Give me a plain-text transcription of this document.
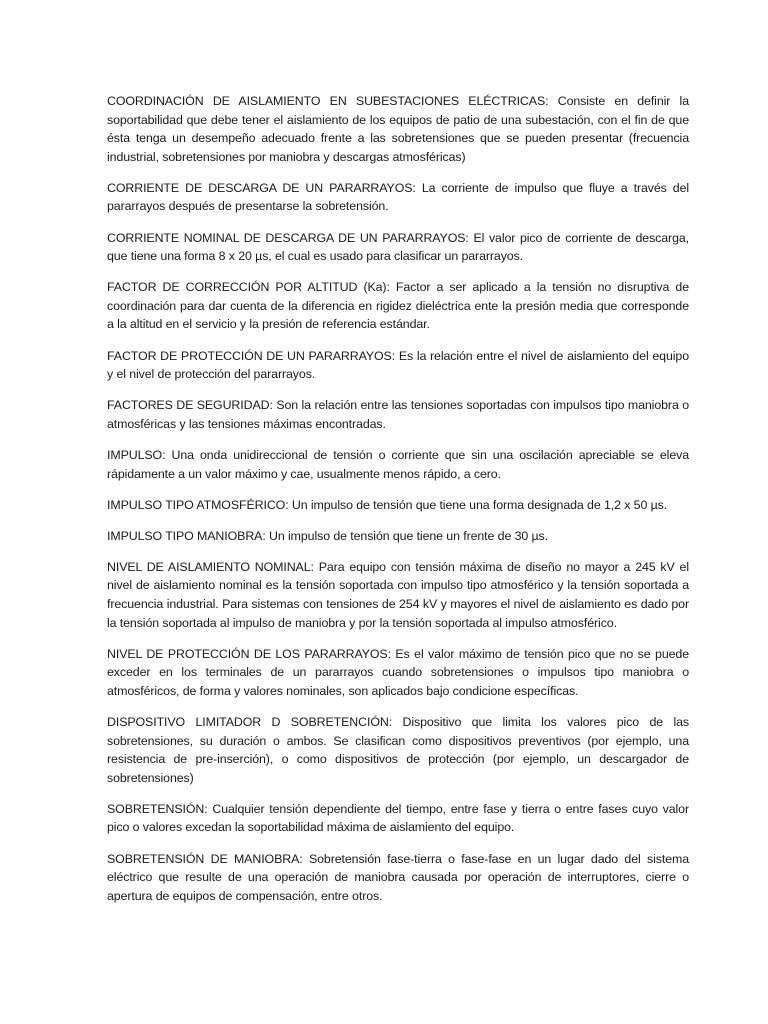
COORDINACIÓN DE AISLAMIENTO EN SUBESTACIONES ELÉCTRICAS: Consiste en definir la soportabilidad que debe tener el aislamiento de los equipos de patio de una subestación, con el fin de que ésta tenga un desempeño adecuado frente a las sobretensiones que se pueden presentar (frecuencia industrial, sobretensiones por maniobra y descargas atmosféricas)

CORRIENTE DE DESCARGA DE UN PARARRAYOS: La corriente de impulso que fluye a través del pararrayos después de presentarse la sobretensión.

CORRIENTE NOMINAL DE DESCARGA DE UN PARARRAYOS: El valor pico de corriente de descarga, que tiene una forma 8 x 20 µs, el cual es usado para clasificar un pararrayos.

FACTOR DE CORRECCIÓN POR ALTITUD (Ka): Factor a ser aplicado a la tensión no disruptiva de coordinación para dar cuenta de la diferencia en rigidez dieléctrica ente la presión media que corresponde a la altitud en el servicio y la presión de referencia estándar.

FACTOR DE PROTECCIÓN DE UN PARARRAYOS: Es la relación entre el nivel de aislamiento del equipo y el nivel de protección del pararrayos.

FACTORES DE SEGURIDAD: Son la relación entre las tensiones soportadas con impulsos tipo maniobra o atmosféricas y las tensiones máximas encontradas.

IMPULSO: Una onda unidireccional de tensión o corriente que sin una oscilación apreciable se eleva rápidamente a un valor máximo y cae, usualmente menos rápido, a cero.

IMPULSO TIPO ATMOSFÉRICO: Un impulso de tensión que tiene una forma designada de 1,2 x 50 µs.

IMPULSO TIPO MANIOBRA: Un impulso de tensión que tiene un frente de 30 µs.

NIVEL DE AISLAMIENTO NOMINAL: Para equipo con tensión máxima de diseño no mayor a 245 kV el nivel de aislamiento nominal es la tensión soportada con impulso tipo atmosférico y la tensión soportada a frecuencia industrial. Para sistemas con tensiones de 254 kV y mayores el nivel de aislamiento es dado por la tensión soportada al impulso de maniobra y por la tensión soportada al impulso atmosférico.

NIVEL DE PROTECCIÓN DE LOS PARARRAYOS: Es el valor máximo de tensión pico que no se puede exceder en los terminales de un pararrayos cuando sobretensiones o impulsos tipo maniobra o atmosféricos, de forma y valores nominales, son aplicados bajo condicione específicas.

DISPOSITIVO LIMITADOR D SOBRETENCIÓN: Dispositivo que limita los valores pico de las sobretensiones, su duración o ambos. Se clasifican como dispositivos preventivos (por ejemplo, una resistencia de pre-inserción), o como dispositivos de protección (por ejemplo, un descargador de sobretensiones)

SOBRETENSIÓN: Cualquier tensión dependiente del tiempo, entre fase y tierra o entre fases cuyo valor pico o valores excedan la soportabilidad máxima de aislamiento del equipo.

SOBRETENSIÓN DE MANIOBRA: Sobretensión fase-tierra o fase-fase en un lugar dado del sistema eléctrico que resulte de una operación de maniobra causada por operación de interruptores, cierre o apertura de equipos de compensación, entre otros.
